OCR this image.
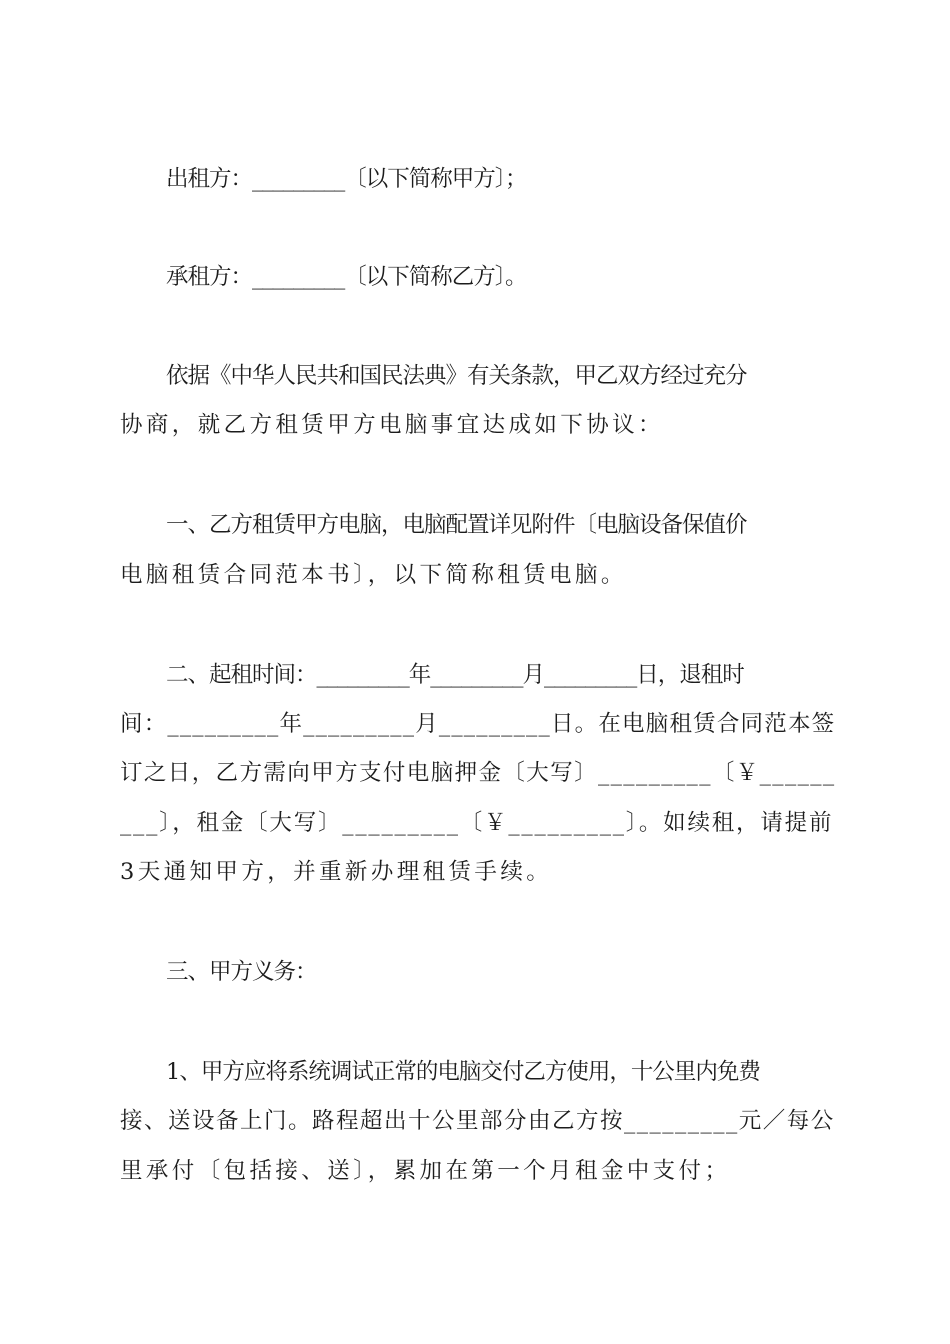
出租方：_________〔以下简称甲方〕；
承租方：_________〔以下简称乙方〕。
依据《中华人民共和国民法典》有关条款，甲乙双方经过充分
协商，就乙方租赁甲方电脑事宜达成如下协议：
一、乙方租赁甲方电脑，电脑配置详见附件〔电脑设备保值价
电脑租赁合同范本书〕，以下简称租赁电脑。
二、起租时间：_________年_________月_________日，退租时
间：_________年_________月_________日。在电脑租赁合同范本签
订之日，乙方需向甲方支付电脑押金〔大写〕_________〔￥______
___〕，租金〔大写〕_________〔￥_________〕。如续租，请提前
3天通知甲方，并重新办理租赁手续。
三、甲方义务：
1、甲方应将系统调试正常的电脑交付乙方使用，十公里内免费
接、送设备上门。路程超出十公里部分由乙方按_________元／每公
里承付〔包括接、送〕，累加在第一个月租金中支付；
